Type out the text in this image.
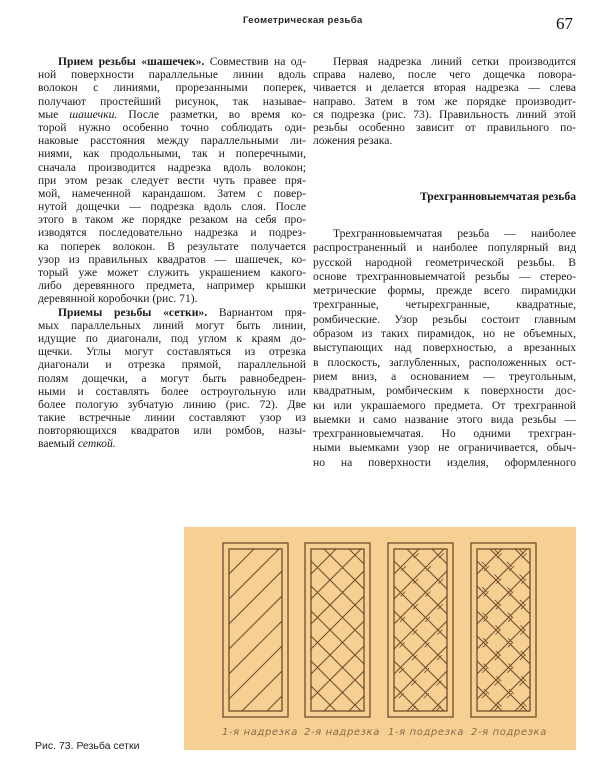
Геометрическая резьба	67
Прием резьбы «шашечек». Совмествив на од-
ной поверхности параллельные линии вдоль
волокон с линиями, прорезанными поперек,
получают простейший рисунок, так называе-
мые шашечки. После разметки, во время ко-
торой нужно особенно точно соблюдать оди-
наковые расстояния между параллельными ли-
ниями, как продольными, так и поперечными,
сначала производится надрезка вдоль волокон;
при этом резак следует вести чуть правее пря-
мой, намеченной карандашом. Затем с повер-
нутой дощечки — подрезка вдоль слоя. После
этого в таком же порядке резаком на себя про-
изводятся последовательно надрезка и подрез-
ка поперек волокон. В результате получается
узор из правильных квадратов — шашечек, ко-
торый уже может служить украшением какого-
либо деревянного предмета, например крышки
деревянной коробочки (рис. 71).
Приемы резьбы «сетки». Вариантом пря-
мых параллельных линий могут быть линии,
идущие по диагонали, под углом к краям до-
щечки. Углы могут составляться из отрезка
диагонали и отрезка прямой, параллельной
полям дощечки, а могут быть равнобедрен-
ными и составлять более остроугольную или
более пологую зубчатую линию (рис. 72). Две
такие встречные линии составляют узор из
повторяющихся квадратов или ромбов, назы-
ваемый сеткой.
Первая надрезка линий сетки производится
справа налево, после чего дощечка повора-
чивается и делается вторая надрезка — слева
направо. Затем в том же порядке производит-
ся подрезка (рис. 73). Правильность линий этой
резьбы особенно зависит от правильного по-
ложения резака.
Трехгранновыемчатая резьба
Трехгранновыемчатая резьба — наиболее
распространенный и наиболее популярный вид
русской народной геометрической резьбы. В
основе трехгранновыемчатой резьбы — стерео-
метрические формы, прежде всего пирамидки
трехгранные, четырехгранные, квадратные,
ромбические. Узор резьбы состоит главным
образом из таких пирамидок, но не объемных,
выступающих над поверхностью, а врезанных
в плоскость, заглубленных, расположенных ост-
рием вниз, а основанием — треугольным,
квадратным, ромбическим к поверхности дос-
ки или украшаемого предмета. От трехгранной
выемки и само название этого вида резьбы —
трехгранновыемчатая. Но одними трехгран-
ными выемками узор не ограничивается, обыч-
но на поверхности изделия, оформленного
1-я надрезка 2-я надрезка 1-я подрезка 2-я подрезка
Рис. 73. Резьба сетки
